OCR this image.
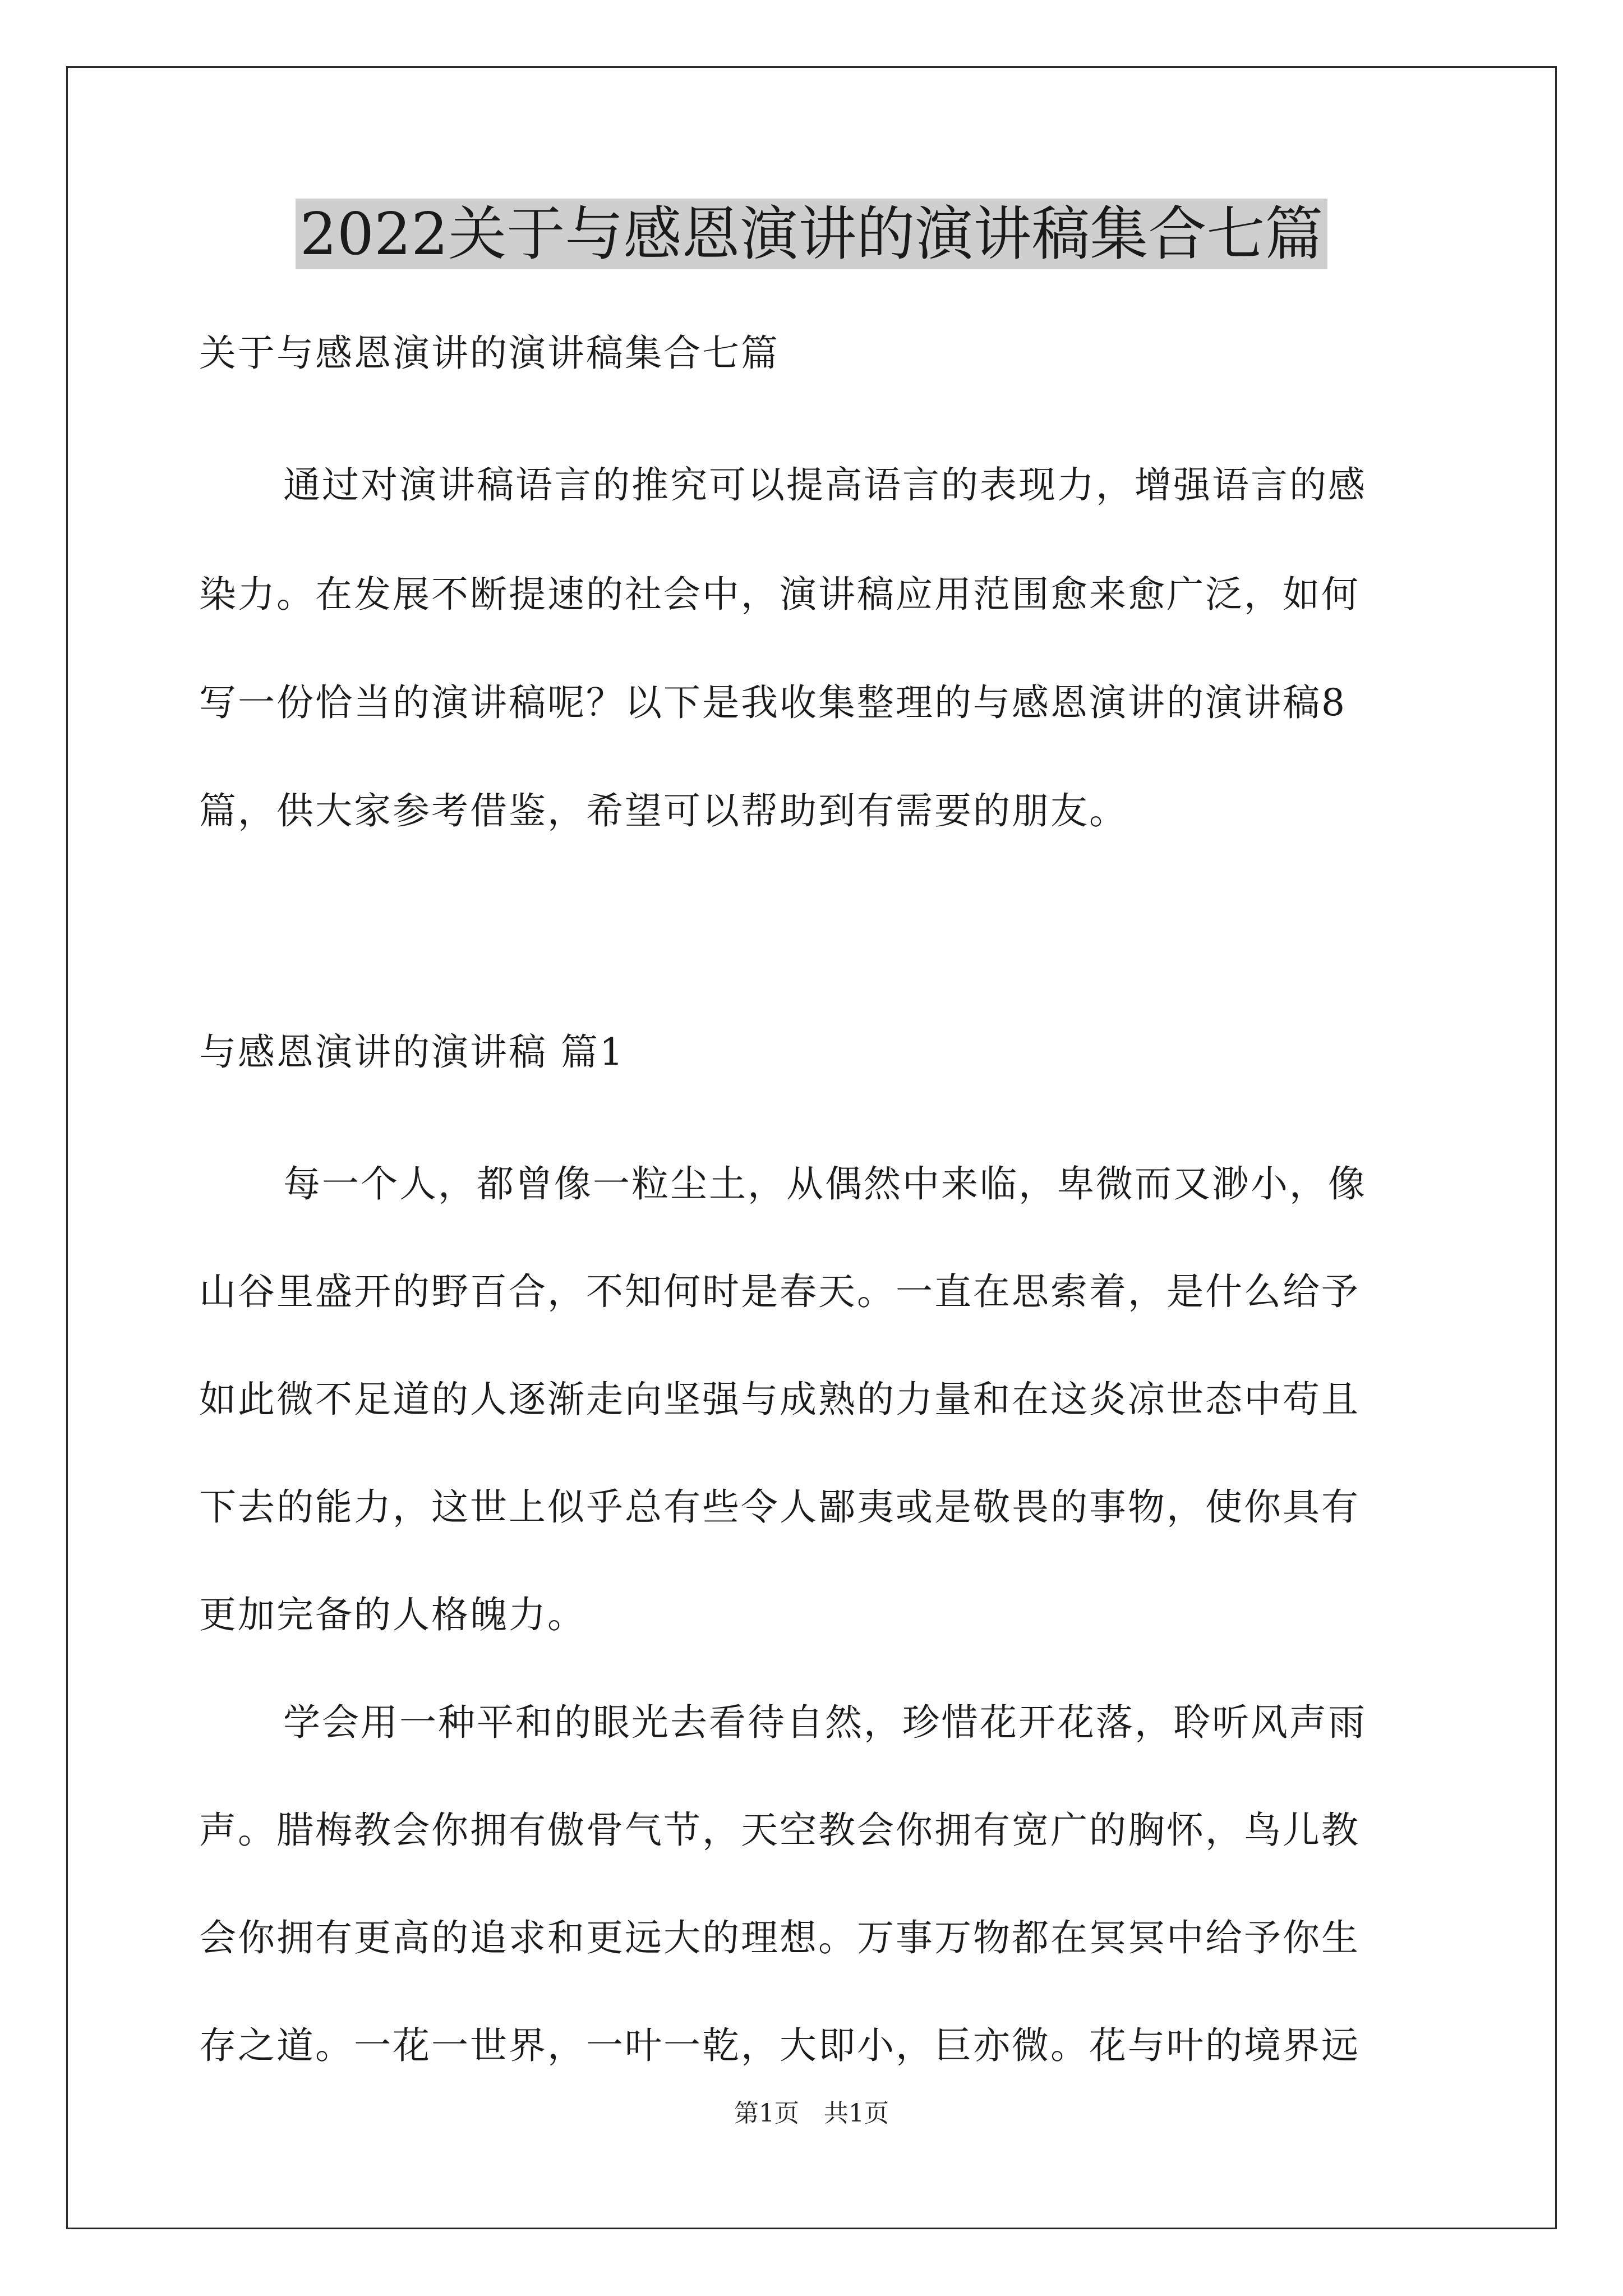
2022关于与感恩演讲的演讲稿集合七篇
关于与感恩演讲的演讲稿集合七篇
通过对演讲稿语言的推究可以提高语言的表现力，增强语言的感
染力。在发展不断提速的社会中，演讲稿应用范围愈来愈广泛，如何
写一份恰当的演讲稿呢？以下是我收集整理的与感恩演讲的演讲稿8
篇，供大家参考借鉴，希望可以帮助到有需要的朋友。
与感恩演讲的演讲稿 篇1
每一个人，都曾像一粒尘土，从偶然中来临，卑微而又渺小，像
山谷里盛开的野百合，不知何时是春天。一直在思索着，是什么给予
如此微不足道的人逐渐走向坚强与成熟的力量和在这炎凉世态中苟且
下去的能力，这世上似乎总有些令人鄙夷或是敬畏的事物，使你具有
更加完备的人格魄力。
学会用一种平和的眼光去看待自然，珍惜花开花落，聆听风声雨
声。腊梅教会你拥有傲骨气节，天空教会你拥有宽广的胸怀，鸟儿教
会你拥有更高的追求和更远大的理想。万事万物都在冥冥中给予你生
存之道。一花一世界，一叶一乾，大即小，巨亦微。花与叶的境界远
第1页　共1页
